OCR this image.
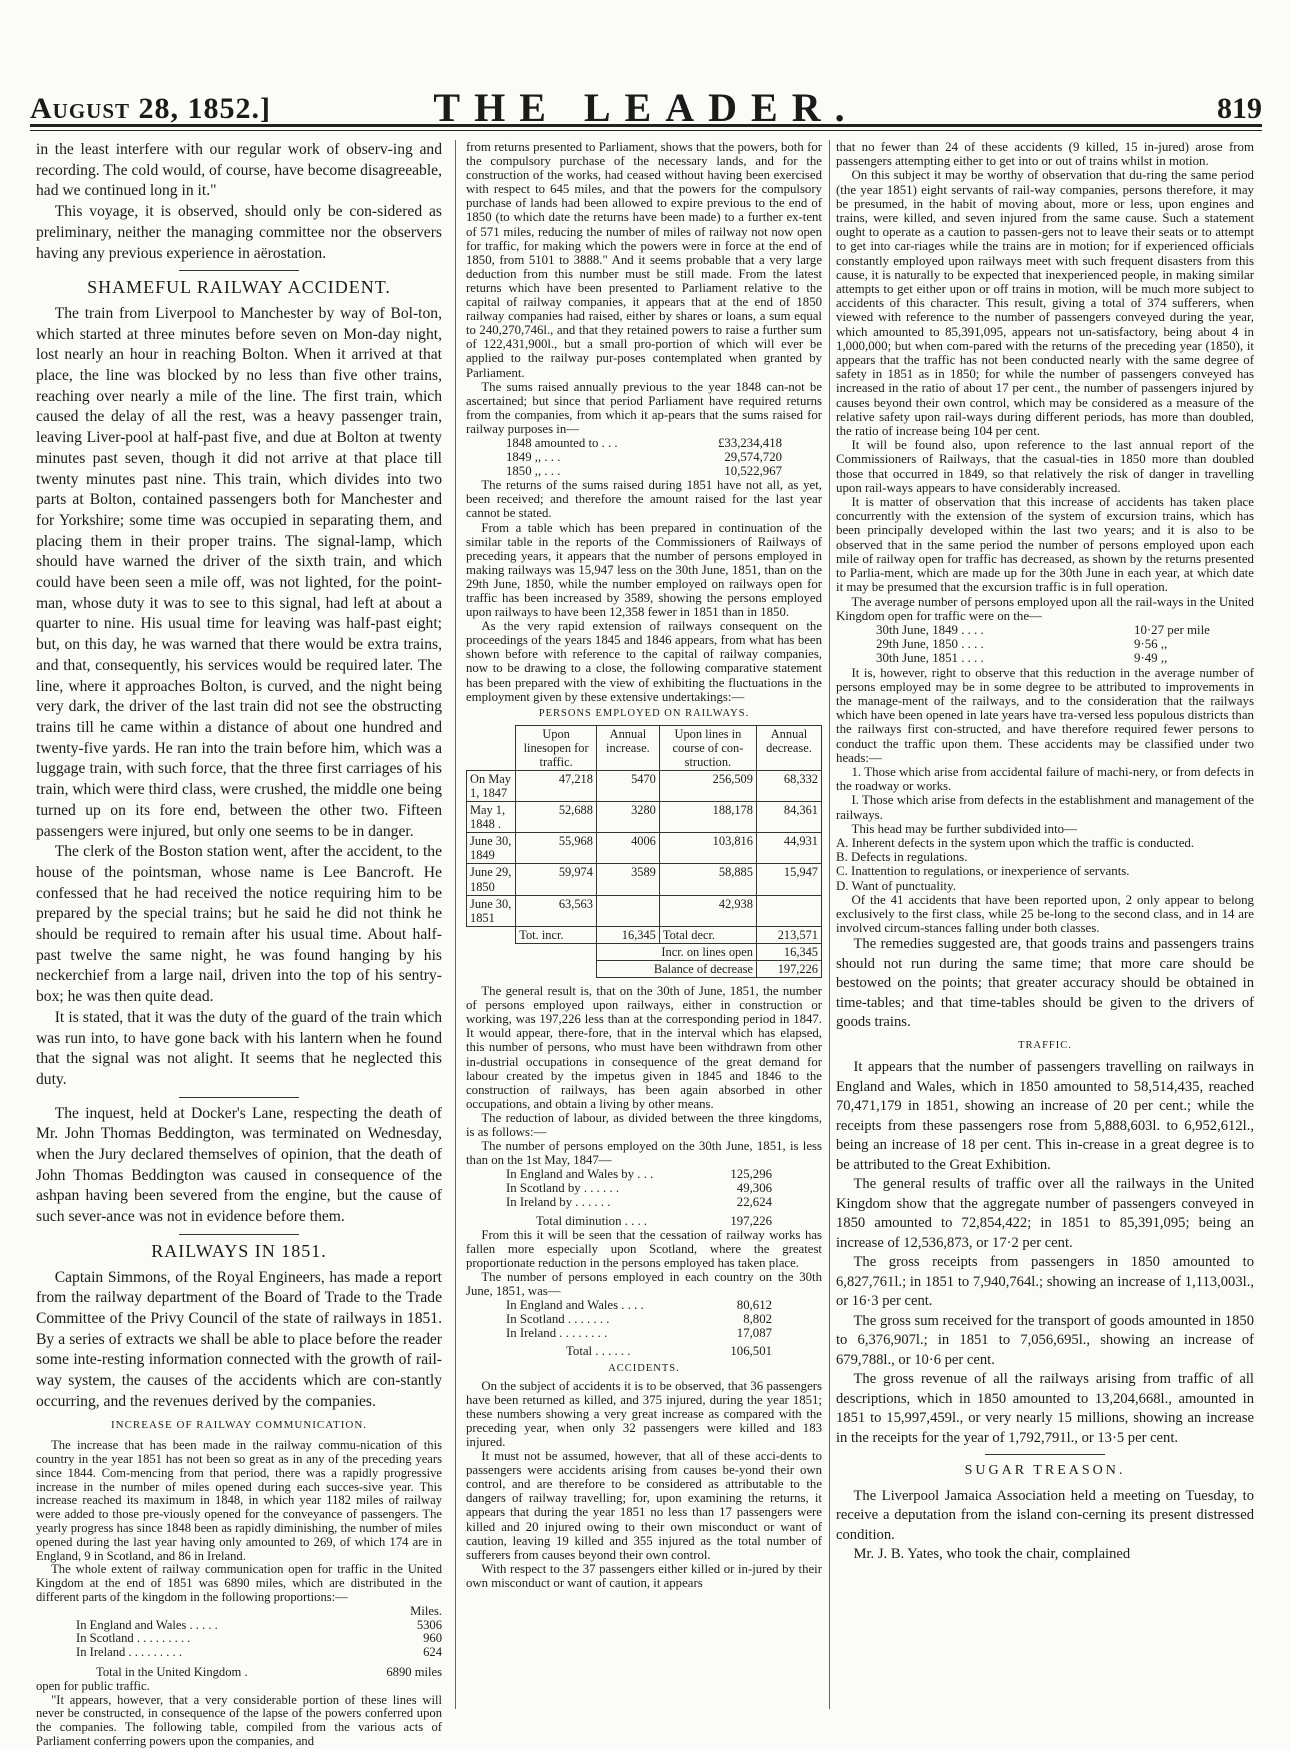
August 28, 1852.]	THE LEADER.	819

in the least interfere with our regular work of observ-ing and recording. The cold would, of course, have become disagreeable, had we continued long in it."

This voyage, it is observed, should only be con-sidered as preliminary, neither the managing committee nor the observers having any previous experience in aërostation.

SHAMEFUL RAILWAY ACCIDENT.

The train from Liverpool to Manchester by way of Bol-ton, which started at three minutes before seven on Mon-day night, lost nearly an hour in reaching Bolton. When it arrived at that place, the line was blocked by no less than five other trains, reaching over nearly a mile of the line. The first train, which caused the delay of all the rest, was a heavy passenger train, leaving Liver-pool at half-past five, and due at Bolton at twenty minutes past seven, though it did not arrive at that place till twenty minutes past nine. This train, which divides into two parts at Bolton, contained passengers both for Manchester and for Yorkshire; some time was occupied in separating them, and placing them in their proper trains. The signal-lamp, which should have warned the driver of the sixth train, and which could have been seen a mile off, was not lighted, for the point-man, whose duty it was to see to this signal, had left at about a quarter to nine. His usual time for leaving was half-past eight; but, on this day, he was warned that there would be extra trains, and that, consequently, his services would be required later. The line, where it approaches Bolton, is curved, and the night being very dark, the driver of the last train did not see the obstructing trains till he came within a distance of about one hundred and twenty-five yards. He ran into the train before him, which was a luggage train, with such force, that the three first carriages of his train, which were third class, were crushed, the middle one being turned up on its fore end, between the other two. Fifteen passengers were injured, but only one seems to be in danger.

The clerk of the Boston station went, after the accident, to the house of the pointsman, whose name is Lee Bancroft. He confessed that he had received the notice requiring him to be prepared by the special trains; but he said he did not think he should be required to remain after his usual time. About half-past twelve the same night, he was found hanging by his neckerchief from a large nail, driven into the top of his sentry-box; he was then quite dead.

It is stated, that it was the duty of the guard of the train which was run into, to have gone back with his lantern when he found that the signal was not alight. It seems that he neglected this duty.

The inquest, held at Docker's Lane, respecting the death of Mr. John Thomas Beddington, was terminated on Wednesday, when the Jury declared themselves of opinion, that the death of John Thomas Beddington was caused in consequence of the ashpan having been severed from the engine, but the cause of such sever-ance was not in evidence before them.

RAILWAYS IN 1851.

Captain Simmons, of the Royal Engineers, has made a report from the railway department of the Board of Trade to the Trade Committee of the Privy Council of the state of railways in 1851. By a series of extracts we shall be able to place before the reader some inte-resting information connected with the growth of rail-way system, the causes of the accidents which are con-stantly occurring, and the revenues derived by the companies.

INCREASE OF RAILWAY COMMUNICATION.

The increase that has been made in the railway commu-nication of this country in the year 1851 has not been so great as in any of the preceding years since 1844. Com-mencing from that period, there was a rapidly progressive increase in the number of miles opened during each succes-sive year. This increase reached its maximum in 1848, in which year 1182 miles of railway were added to those pre-viously opened for the conveyance of passengers. The yearly progress has since 1848 been as rapidly diminishing, the number of miles opened during the last year having only amounted to 269, of which 174 are in England, 9 in Scotland, and 86 in Ireland.

The whole extent of railway communication open for traffic in the United Kingdom at the end of 1851 was 6890 miles, which are distributed in the different parts of the kingdom in the following proportions:—

Miles.
In England and Wales . . . . .	5306
In Scotland . . . . . . . . .	960
In Ireland . . . . . . . . .	624
Total in the United Kingdom .	6890 miles

open for public traffic.

"It appears, however, that a very considerable portion of these lines will never be constructed, in consequence of the lapse of the powers conferred upon the companies. The following table, compiled from the various acts of Parliament conferring powers upon the companies, and

from returns presented to Parliament, shows that the powers, both for the compulsory purchase of the necessary lands, and for the construction of the works, had ceased without having been exercised with respect to 645 miles, and that the powers for the compulsory purchase of lands had been allowed to expire previous to the end of 1850 (to which date the returns have been made) to a further ex-tent of 571 miles, reducing the number of miles of railway not now open for traffic, for making which the powers were in force at the end of 1850, from 5101 to 3888." And it seems probable that a very large deduction from this number must be still made. From the latest returns which have been presented to Parliament relative to the capital of railway companies, it appears that at the end of 1850 railway companies had raised, either by shares or loans, a sum equal to 240,270,746l., and that they retained powers to raise a further sum of 122,431,900l., but a small pro-portion of which will ever be applied to the railway pur-poses contemplated when granted by Parliament.

The sums raised annually previous to the year 1848 can-not be ascertained; but since that period Parliament have required returns from the companies, from which it ap-pears that the sums raised for railway purposes in—

1848 amounted to . . .	£33,234,418
1849 ,, . . .	29,574,720
1850 ,, . . .	10,522,967

The returns of the sums raised during 1851 have not all, as yet, been received; and therefore the amount raised for the last year cannot be stated.

From a table which has been prepared in continuation of the similar table in the reports of the Commissioners of Railways of preceding years, it appears that the number of persons employed in making railways was 15,947 less on the 30th June, 1851, than on the 29th June, 1850, while the number employed on railways open for traffic has been increased by 3589, showing the persons employed upon railways to have been 12,358 fewer in 1851 than in 1850.

As the very rapid extension of railways consequent on the proceedings of the years 1845 and 1846 appears, from what has been shown before with reference to the capital of railway companies, now to be drawing to a close, the following comparative statement has been prepared with the view of exhibiting the fluctuations in the employment given by these extensive undertakings:—

PERSONS EMPLOYED ON RAILWAYS.
	Upon linesopen for traffic.	Annual increase.	Upon lines in course of con-struction.	Annual decrease.
On May 1, 1847	47,218	5470	256,509	68,332
May 1, 1848 .	52,688	3280	188,178	84,361
June 30, 1849	55,968	4006	103,816	44,931
June 29, 1850	59,974	3589	58,885	15,947
June 30, 1851	63,563		42,938	
	Tot. incr.	16,345	Total decr.	213,571
		Incr. on lines open		16,345
		Balance of decrease		197,226

The general result is, that on the 30th of June, 1851, the number of persons employed upon railways, either in construction or working, was 197,226 less than at the corresponding period in 1847. It would appear, there-fore, that in the interval which has elapsed, this number of persons, who must have been withdrawn from other in-dustrial occupations in consequence of the great demand for labour created by the impetus given in 1845 and 1846 to the construction of railways, has been again absorbed in other occupations, and obtain a living by other means.

The reduction of labour, as divided between the three kingdoms, is as follows:—

The number of persons employed on the 30th June, 1851, is less than on the 1st May, 1847—

In England and Wales by . . .	125,296
In Scotland by . . . . . .	49,306
In Ireland by . . . . . .	22,624
Total diminution . . . .	197,226

From this it will be seen that the cessation of railway works has fallen more especially upon Scotland, where the greatest proportionate reduction in the persons employed has taken place.

The number of persons employed in each country on the 30th June, 1851, was—

In England and Wales . . . .	80,612
In Scotland . . . . . . .	8,802
In Ireland . . . . . . . .	17,087
Total . . . . . .	106,501
ACCIDENTS.

On the subject of accidents it is to be observed, that 36 passengers have been returned as killed, and 375 injured, during the year 1851; these numbers showing a very great increase as compared with the preceding year, when only 32 passengers were killed and 183 injured.

It must not be assumed, however, that all of these acci-dents to passengers were accidents arising from causes be-yond their own control, and are therefore to be considered as attributable to the dangers of railway travelling; for, upon examining the returns, it appears that during the year 1851 no less than 17 passengers were killed and 20 injured owing to their own misconduct or want of caution, leaving 19 killed and 355 injured as the total number of sufferers from causes beyond their own control.

With respect to the 37 passengers either killed or in-jured by their own misconduct or want of caution, it appears

that no fewer than 24 of these accidents (9 killed, 15 in-jured) arose from passengers attempting either to get into or out of trains whilst in motion.

On this subject it may be worthy of observation that du-ring the same period (the year 1851) eight servants of rail-way companies, persons therefore, it may be presumed, in the habit of moving about, more or less, upon engines and trains, were killed, and seven injured from the same cause. Such a statement ought to operate as a caution to passen-gers not to leave their seats or to attempt to get into car-riages while the trains are in motion; for if experienced officials constantly employed upon railways meet with such frequent disasters from this cause, it is naturally to be expected that inexperienced people, in making similar attempts to get either upon or off trains in motion, will be much more subject to accidents of this character. This result, giving a total of 374 sufferers, when viewed with reference to the number of passengers conveyed during the year, which amounted to 85,391,095, appears not un-satisfactory, being about 4 in 1,000,000; but when com-pared with the returns of the preceding year (1850), it appears that the traffic has not been conducted nearly with the same degree of safety in 1851 as in 1850; for while the number of passengers conveyed has increased in the ratio of about 17 per cent., the number of passengers injured by causes beyond their own control, which may be considered as a measure of the relative safety upon rail-ways during different periods, has more than doubled, the ratio of increase being 104 per cent.

It will be found also, upon reference to the last annual report of the Commissioners of Railways, that the casual-ties in 1850 more than doubled those that occurred in 1849, so that relatively the risk of danger in travelling upon rail-ways appears to have considerably increased.

It is matter of observation that this increase of accidents has taken place concurrently with the extension of the system of excursion trains, which has been principally developed within the last two years; and it is also to be observed that in the same period the number of persons employed upon each mile of railway open for traffic has decreased, as shown by the returns presented to Parlia-ment, which are made up for the 30th June in each year, at which date it may be presumed that the excursion traffic is in full operation.

The average number of persons employed upon all the rail-ways in the United Kingdom open for traffic were on the—

30th June, 1849 . . . .	10·27 per mile
29th June, 1850 . . . .	9·56 ,,
30th June, 1851 . . . .	9·49 ,,

It is, however, right to observe that this reduction in the average number of persons employed may be in some degree to be attributed to improvements in the manage-ment of the railways, and to the consideration that the railways which have been opened in late years have tra-versed less populous districts than the railways first con-structed, and have therefore required fewer persons to conduct the traffic upon them. These accidents may be classified under two heads:—

1. Those which arise from accidental failure of machi-nery, or from defects in the roadway or works.

I. Those which arise from defects in the establishment and management of the railways.

This head may be further subdivided into—

A. Inherent defects in the system upon which the traffic is conducted.

B. Defects in regulations.

C. Inattention to regulations, or inexperience of servants.

D. Want of punctuality.

Of the 41 accidents that have been reported upon, 2 only appear to belong exclusively to the first class, while 25 be-long to the second class, and in 14 are involved circum-stances falling under both classes.

The remedies suggested are, that goods trains and passengers trains should not run during the same time; that more care should be bestowed on the points; that greater accuracy should be obtained in time-tables; and that time-tables should be given to the drivers of goods trains.

TRAFFIC.

It appears that the number of passengers travelling on railways in England and Wales, which in 1850 amounted to 58,514,435, reached 70,471,179 in 1851, showing an increase of 20 per cent.; while the receipts from these passengers rose from 5,888,603l. to 6,952,612l., being an increase of 18 per cent. This in-crease in a great degree is to be attributed to the Great Exhibition.

The general results of traffic over all the railways in the United Kingdom show that the aggregate number of passengers conveyed in 1850 amounted to 72,854,422; in 1851 to 85,391,095; being an increase of 12,536,873, or 17·2 per cent.

The gross receipts from passengers in 1850 amounted to 6,827,761l.; in 1851 to 7,940,764l.; showing an increase of 1,113,003l., or 16·3 per cent.

The gross sum received for the transport of goods amounted in 1850 to 6,376,907l.; in 1851 to 7,056,695l., showing an increase of 679,788l., or 10·6 per cent.

The gross revenue of all the railways arising from traffic of all descriptions, which in 1850 amounted to 13,204,668l., amounted in 1851 to 15,997,459l., or very nearly 15 millions, showing an increase in the receipts for the year of 1,792,791l., or 13·5 per cent.

SUGAR TREASON.

The Liverpool Jamaica Association held a meeting on Tuesday, to receive a deputation from the island con-cerning its present distressed condition.

Mr. J. B. Yates, who took the chair, complained
